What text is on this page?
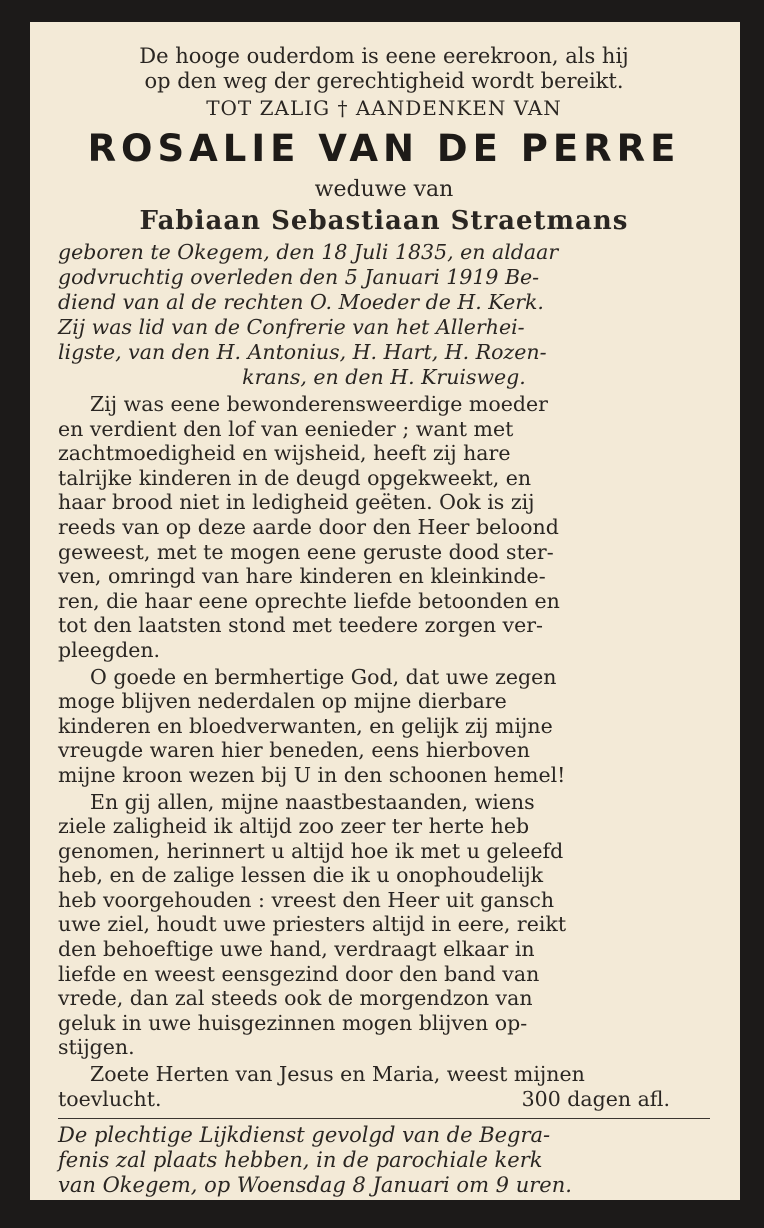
De hooge ouderdom is eene eerekroon, als hij
op den weg der gerechtigheid wordt bereikt.
TOT ZALIG † AANDENKEN VAN
ROSALIE VAN DE PERRE
weduwe van
Fabiaan Sebastiaan Straetmans
geboren te Okegem, den 18 Juli 1835, en aldaar
godvruchtig overleden den 5 Januari 1919 Be-
diend van al de rechten O. Moeder de H. Kerk.
Zij was lid van de Confrerie van het Allerhei-
ligste, van den H. Antonius, H. Hart, H. Rozen-
krans, en den H. Kruisweg.
Zij was eene bewonderensweerdige moeder
en verdient den lof van eenieder ; want met
zachtmoedigheid en wijsheid, heeft zij hare
talrijke kinderen in de deugd opgekweekt, en
haar brood niet in ledigheid geëten. Ook is zij
reeds van op deze aarde door den Heer beloond
geweest, met te mogen eene geruste dood ster-
ven, omringd van hare kinderen en kleinkinde-
ren, die haar eene oprechte liefde betoonden en
tot den laatsten stond met teedere zorgen ver-
pleegden.
O goede en bermhertige God, dat uwe zegen
moge blijven nederdalen op mijne dierbare
kinderen en bloedverwanten, en gelijk zij mijne
vreugde waren hier beneden, eens hierboven
mijne kroon wezen bij U in den schoonen hemel!
En gij allen, mijne naastbestaanden, wiens
ziele zaligheid ik altijd zoo zeer ter herte heb
genomen, herinnert u altijd hoe ik met u geleefd
heb, en de zalige lessen die ik u onophoudelijk
heb voorgehouden : vreest den Heer uit gansch
uwe ziel, houdt uwe priesters altijd in eere, reikt
den behoeftige uwe hand, verdraagt elkaar in
liefde en weest eensgezind door den band van
vrede, dan zal steeds ook de morgendzon van
geluk in uwe huisgezinnen mogen blijven op-
stijgen.
Zoete Herten van Jesus en Maria, weest mijnen
toevlucht.	300 dagen afl.
De plechtige Lijkdienst gevolgd van de Begra-
fenis zal plaats hebben, in de parochiale kerk
van Okegem, op Woensdag 8 Januari om 9 uren.
